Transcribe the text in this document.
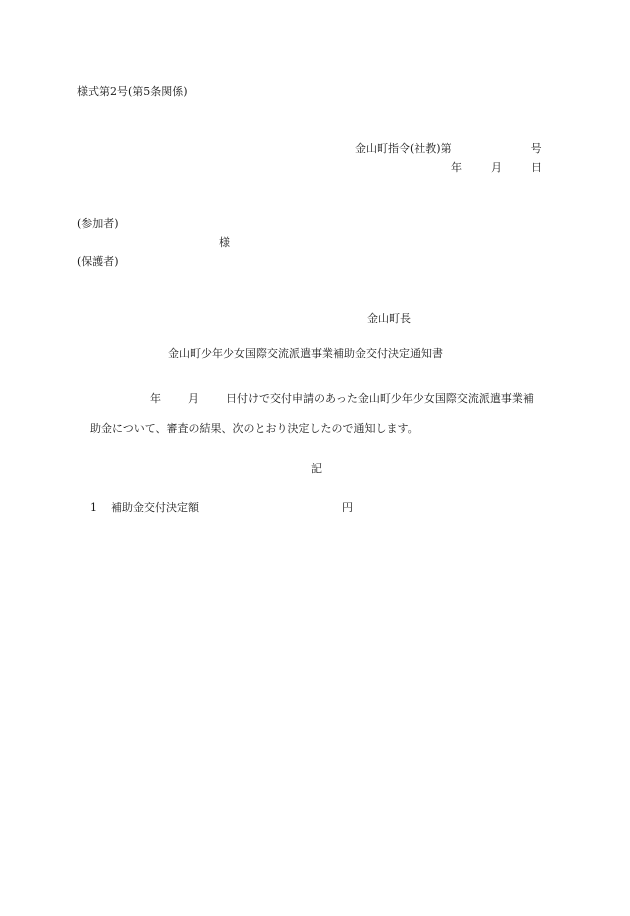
様式第2号(第5条関係)
金山町指令(社教)第	号
年	月	日
(参加者)
様
(保護者)
金山町長
金山町少年少女国際交流派遣事業補助金交付決定通知書
年 月 日付けで交付申請のあった金山町少年少女国際交流派遣事業補
助金について、審査の結果、次のとおり決定したので通知します。
記
1 補助金交付決定額	円
